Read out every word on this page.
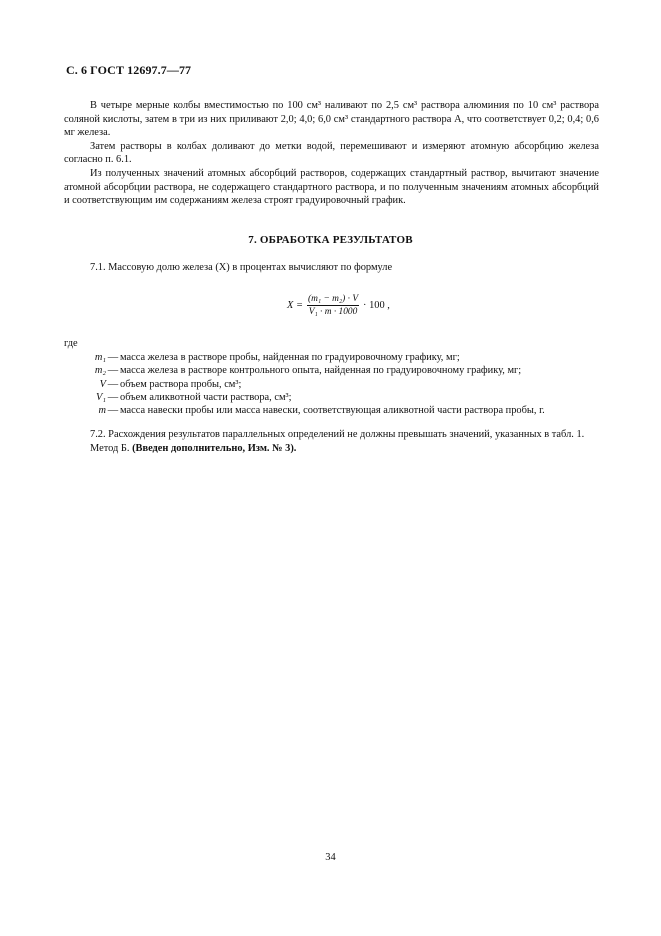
С. 6 ГОСТ 12697.7—77

В четыре мерные колбы вместимостью по 100 см³ наливают по 2,5 см³ раствора алюминия по 10 см³ раствора соляной кислоты, затем в три из них приливают 2,0; 4,0; 6,0 см³ стандартного раствора А, что соответствует 0,2; 0,4; 0,6 мг железа.

Затем растворы в колбах доливают до метки водой, перемешивают и измеряют атомную абсорбцию железа согласно п. 6.1.

Из полученных значений атомных абсорбций растворов, содержащих стандартный раствор, вычитают значение атомной абсорбции раствора, не содержащего стандартного раствора, и по полученным значениям атомных абсорбций и соответствующим им содержаниям железа строят градуировочный график.

7. ОБРАБОТКА РЕЗУЛЬТАТОВ

7.1. Массовую долю железа (X) в процентах вычисляют по формуле

$X = \frac{\text{(m₁ − m₂) · V}}{\text{V₁ · m · 1000}} \cdot 100$ ,

где

m₁ — масса железа в растворе пробы, найденная по градуировочному графику, мг;
m₂ — масса железа в растворе контрольного опыта, найденная по градуировочному графику, мг;
V — объем раствора пробы, см³;
V₁ — объем аликвотной части раствора, см³;
m — масса навески пробы или масса навески, соответствующая аликвотной части раствора пробы, г.

7.2. Расхождения результатов параллельных определений не должны превышать значений, указанных в табл. 1.

Метод Б. (Введен дополнительно, Изм. № 3).

34
